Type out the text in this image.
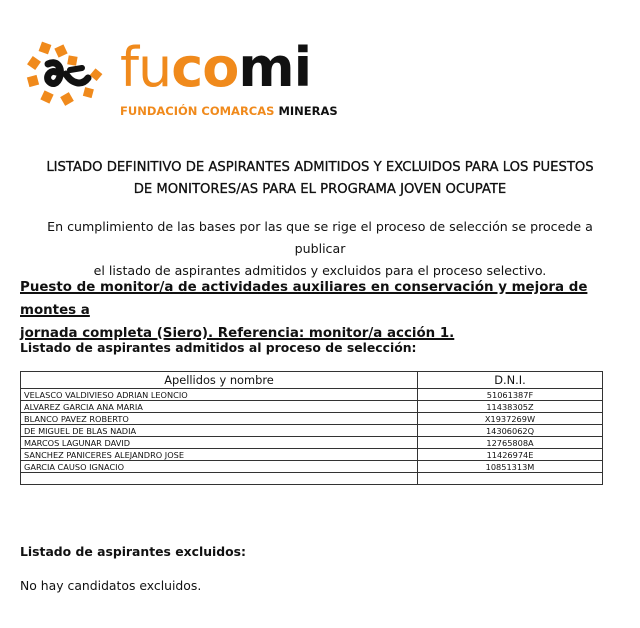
fucomi
FUNDACIÓN COMARCAS MINERAS
LISTADO DEFINITIVO DE ASPIRANTES ADMITIDOS Y EXCLUIDOS PARA LOS PUESTOS
DE MONITORES/AS PARA EL PROGRAMA JOVEN OCUPATE
En cumplimiento de las bases por las que se rige el proceso de selección se procede a publicar
el listado de aspirantes admitidos y excluidos para el proceso selectivo.
Puesto de monitor/a de actividades auxiliares en conservación y mejora de montes a
jornada completa (Siero). Referencia: monitor/a acción 1.
Listado de aspirantes admitidos al proceso de selección:
Apellidos y nombre	D.N.I.
VELASCO VALDIVIESO ADRIAN LEONCIO	51061387F
ALVAREZ GARCIA ANA MARIA	11438305Z
BLANCO PAVEZ ROBERTO	X1937269W
DE MIGUEL DE BLAS NADIA	14306062Q
MARCOS LAGUNAR DAVID	12765808A
SANCHEZ PANICERES ALEJANDRO JOSE	11426974E
GARCIA CAUSO IGNACIO	10851313M

Listado de aspirantes excluidos:
No hay candidatos excluidos.
